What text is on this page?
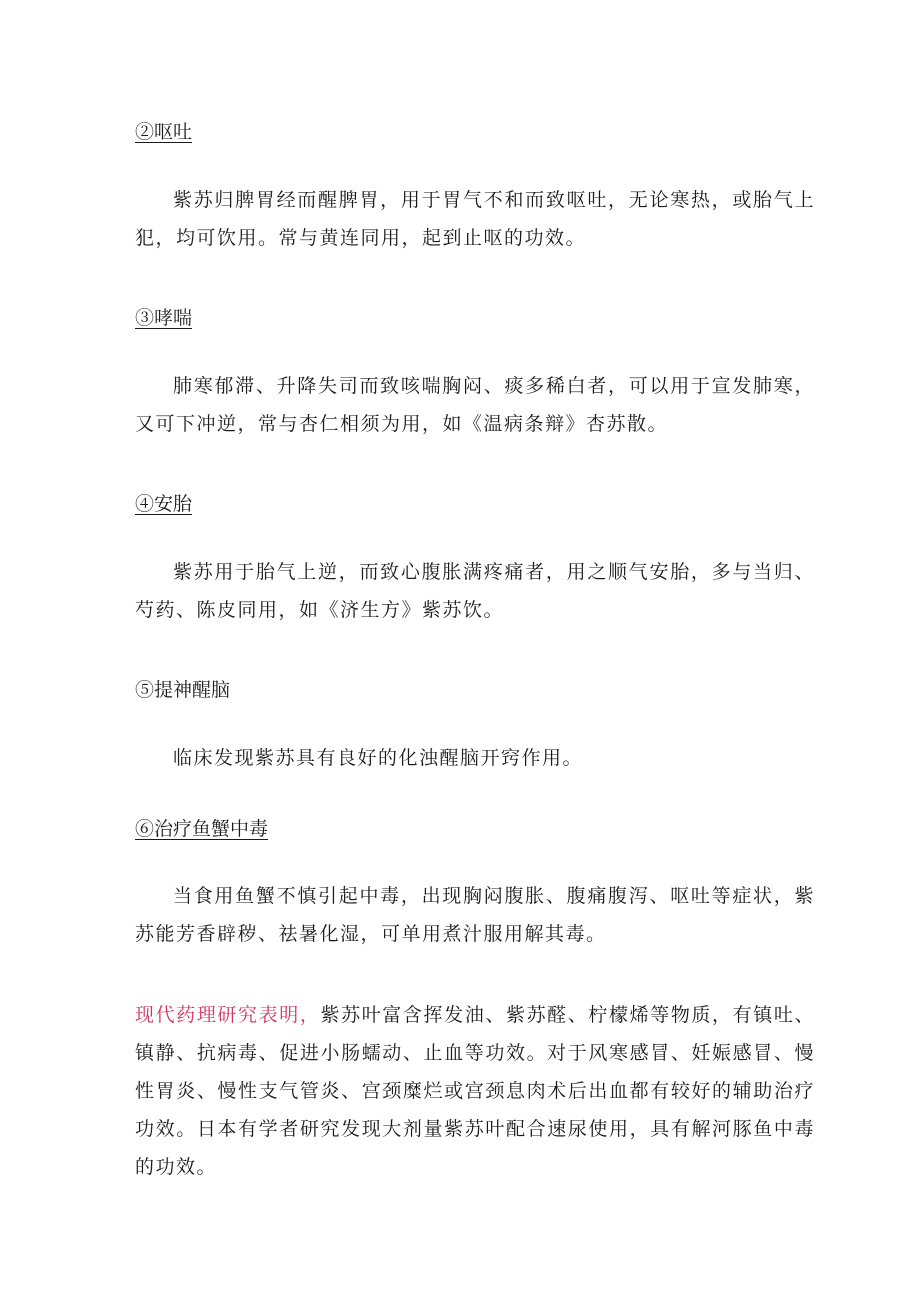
②呕吐
紫苏归脾胃经而醒脾胃，用于胃气不和而致呕吐，无论寒热，或胎气上犯，均可饮用。常与黄连同用，起到止呕的功效。
③哮喘
肺寒郁滞、升降失司而致咳喘胸闷、痰多稀白者，可以用于宣发肺寒，又可下冲逆，常与杏仁相须为用，如《温病条辩》杏苏散。
④安胎
紫苏用于胎气上逆，而致心腹胀满疼痛者，用之顺气安胎，多与当归、芍药、陈皮同用，如《济生方》紫苏饮。
⑤提神醒脑
临床发现紫苏具有良好的化浊醒脑开窍作用。
⑥治疗鱼蟹中毒
当食用鱼蟹不慎引起中毒，出现胸闷腹胀、腹痛腹泻、呕吐等症状，紫苏能芳香辟秽、祛暑化湿，可单用煮汁服用解其毒。
现代药理研究表明，紫苏叶富含挥发油、紫苏醛、柠檬烯等物质，有镇吐、镇静、抗病毒、促进小肠蠕动、止血等功效。对于风寒感冒、妊娠感冒、慢性胃炎、慢性支气管炎、宫颈糜烂或宫颈息肉术后出血都有较好的辅助治疗功效。日本有学者研究发现大剂量紫苏叶配合速尿使用，具有解河豚鱼中毒的功效。
